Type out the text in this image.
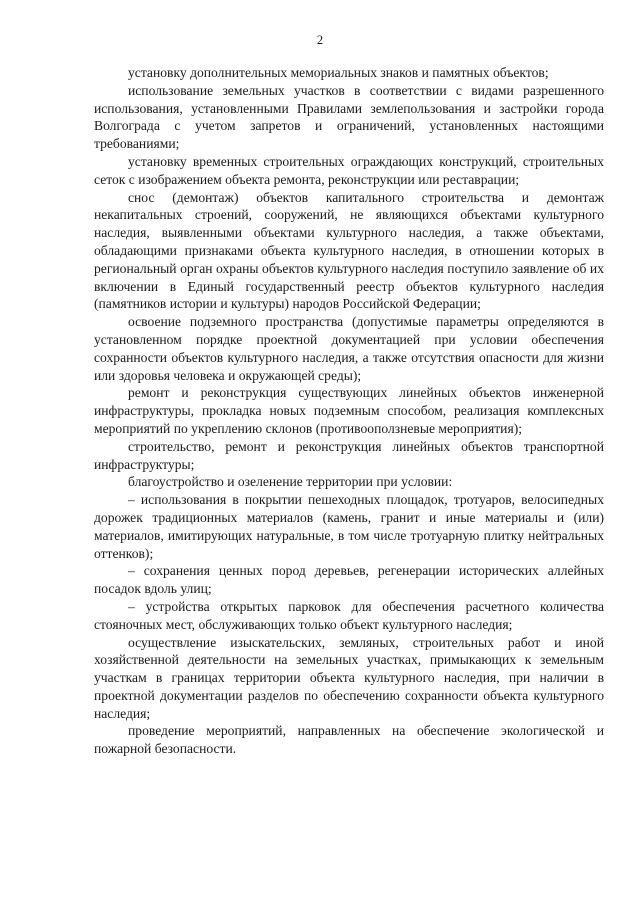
2

установку дополнительных мемориальных знаков и памятных объектов;

использование земельных участков в соответствии с видами разрешенного использования, установленными Правилами землепользования и застройки города Волгограда с учетом запретов и ограничений, установленных настоящими требованиями;

установку временных строительных ограждающих конструкций, строительных сеток с изображением объекта ремонта, реконструкции или реставрации;

снос (демонтаж) объектов капитального строительства и демонтаж некапитальных строений, сооружений, не являющихся объектами культурного наследия, выявленными объектами культурного наследия, а также объектами, обладающими признаками объекта культурного наследия, в отношении которых в региональный орган охраны объектов культурного наследия поступило заявление об их включении в Единый государственный реестр объектов культурного наследия (памятников истории и культуры) народов Российской Федерации;

освоение подземного пространства (допустимые параметры определяются в установленном порядке проектной документацией при условии обеспечения сохранности объектов культурного наследия, а также отсутствия опасности для жизни или здоровья человека и окружающей среды);

ремонт и реконструкция существующих линейных объектов инженерной инфраструктуры, прокладка новых подземным способом, реализация комплексных мероприятий по укреплению склонов (противооползневые мероприятия);

строительство, ремонт и реконструкция линейных объектов транспортной инфраструктуры;

благоустройство и озеленение территории при условии:

– использования в покрытии пешеходных площадок, тротуаров, велосипедных дорожек традиционных материалов (камень, гранит и иные материалы и (или) материалов, имитирующих натуральные, в том числе тротуарную плитку нейтральных оттенков);

– сохранения ценных пород деревьев, регенерации исторических аллейных посадок вдоль улиц;

– устройства открытых парковок для обеспечения расчетного количества стояночных мест, обслуживающих только объект культурного наследия;

осуществление изыскательских, земляных, строительных работ и иной хозяйственной деятельности на земельных участках, примыкающих к земельным участкам в границах территории объекта культурного наследия, при наличии в проектной документации разделов по обеспечению сохранности объекта культурного наследия;

проведение мероприятий, направленных на обеспечение экологической и пожарной безопасности.
